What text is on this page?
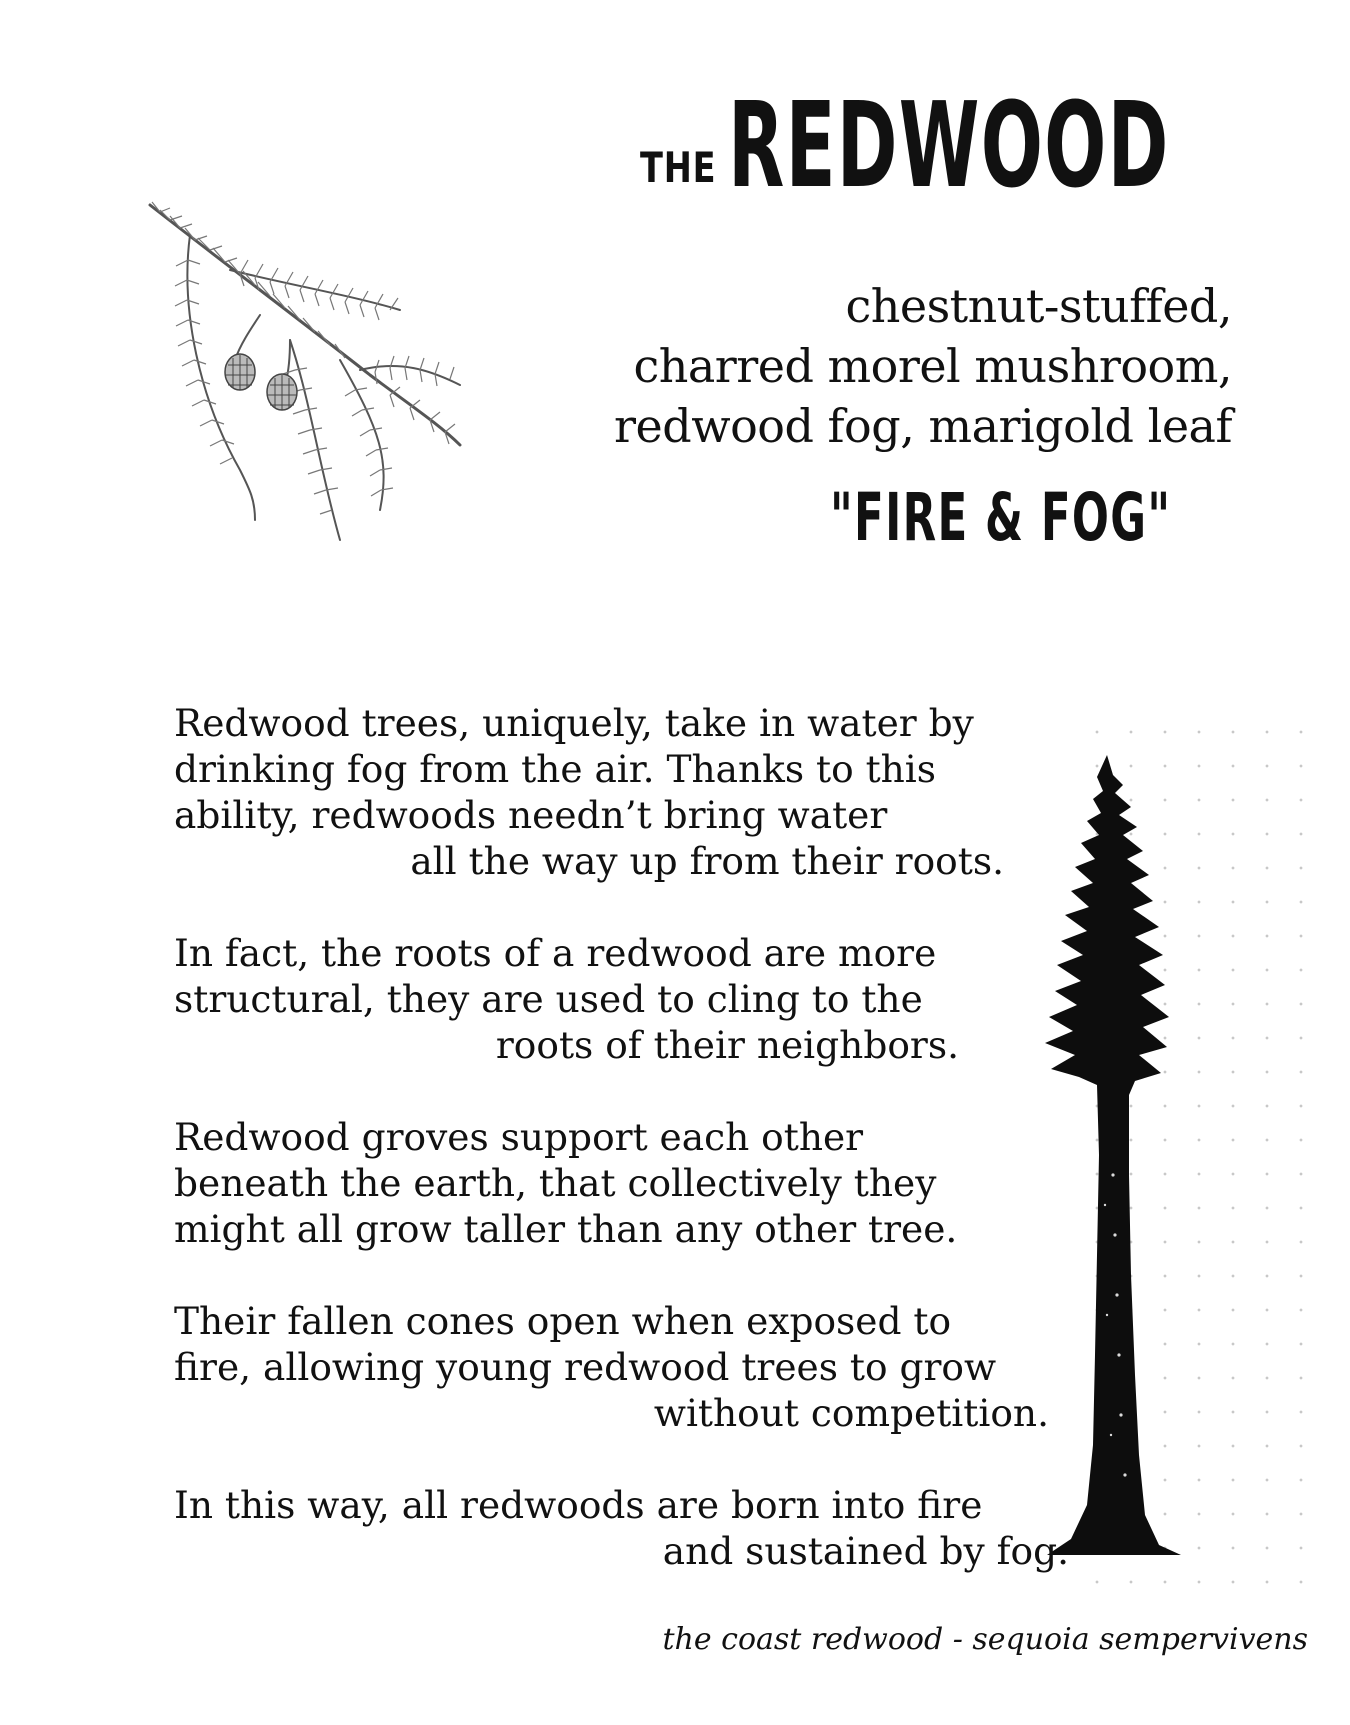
THE REDWOOD
chestnut-stuffed,
charred morel mushroom,
redwood fog, marigold leaf
"FIRE & FOG"
Redwood trees, uniquely, take in water by
drinking fog from the air. Thanks to this
ability, redwoods needn’t bring water
all the way up from their roots.
In fact, the roots of a redwood are more
structural, they are used to cling to the
roots of their neighbors.
Redwood groves support each other
beneath the earth, that collectively they
might all grow taller than any other tree.
Their fallen cones open when exposed to
fire, allowing young redwood trees to grow
without competition.
In this way, all redwoods are born into fire
and sustained by fog.
the coast redwood - sequoia sempervivens
